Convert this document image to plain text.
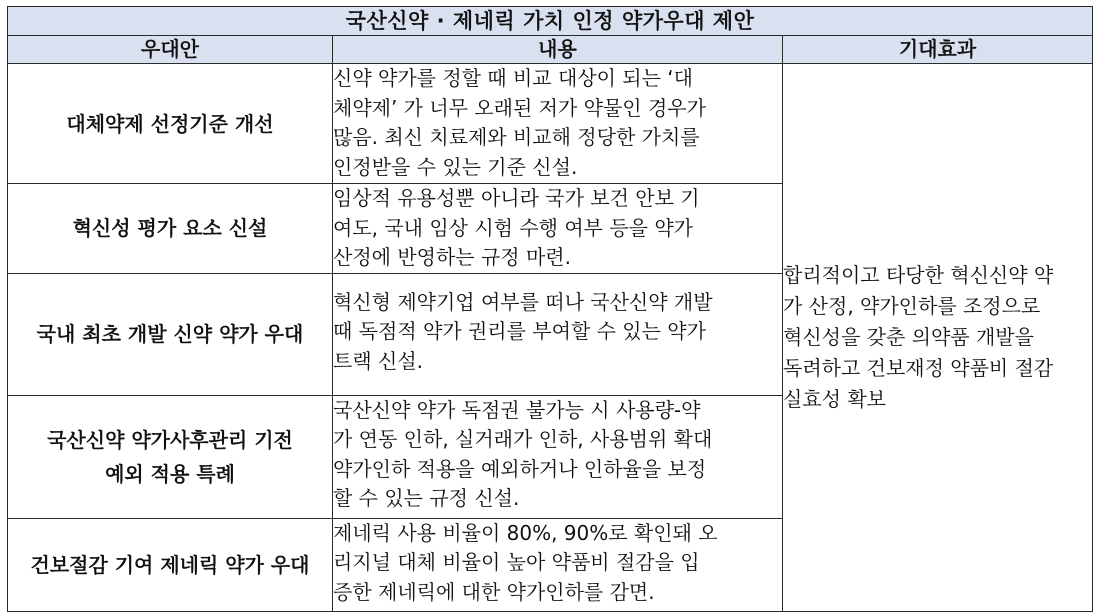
국산신약 · 제네릭 가치 인정 약가우대 제안		
우대안	내용	기대효과

대체약제 선정기준 개선	신약 약가를 정할 때 비교 대상이 되는 ‘대
체약제’ 가 너무 오래된 저가 약물인 경우가
많음. 최신 치료제와 비교해 정당한 가치를
인정받을 수 있는 기준 신설.	합리적이고 타당한 혁신신약 약
가 산정, 약가인하를 조정으로
혁신성을 갖춘 의약품 개발을
독려하고 건보재정 약품비 절감
실효성 확보

혁신성 평가 요소 신설	임상적 유용성뿐 아니라 국가 보건 안보 기
여도, 국내 임상 시험 수행 여부 등을 약가
산정에 반영하는 규정 마련.	

국내 최초 개발 신약 약가 우대	혁신형 제약기업 여부를 떠나 국산신약 개발
때 독점적 약가 권리를 부여할 수 있는 약가
트랙 신설.	

국산신약 약가사후관리 기전
예외 적용 특례	국산신약 약가 독점권 불가능 시 사용량-약
가 연동 인하, 실거래가 인하, 사용범위 확대
약가인하 적용을 예외하거나 인하율을 보정
할 수 있는 규정 신설.	

건보절감 기여 제네릭 약가 우대	제네릭 사용 비율이 80%, 90%로 확인돼 오
리지널 대체 비율이 높아 약품비 절감을 입
증한 제네릭에 대한 약가인하를 감면.	
